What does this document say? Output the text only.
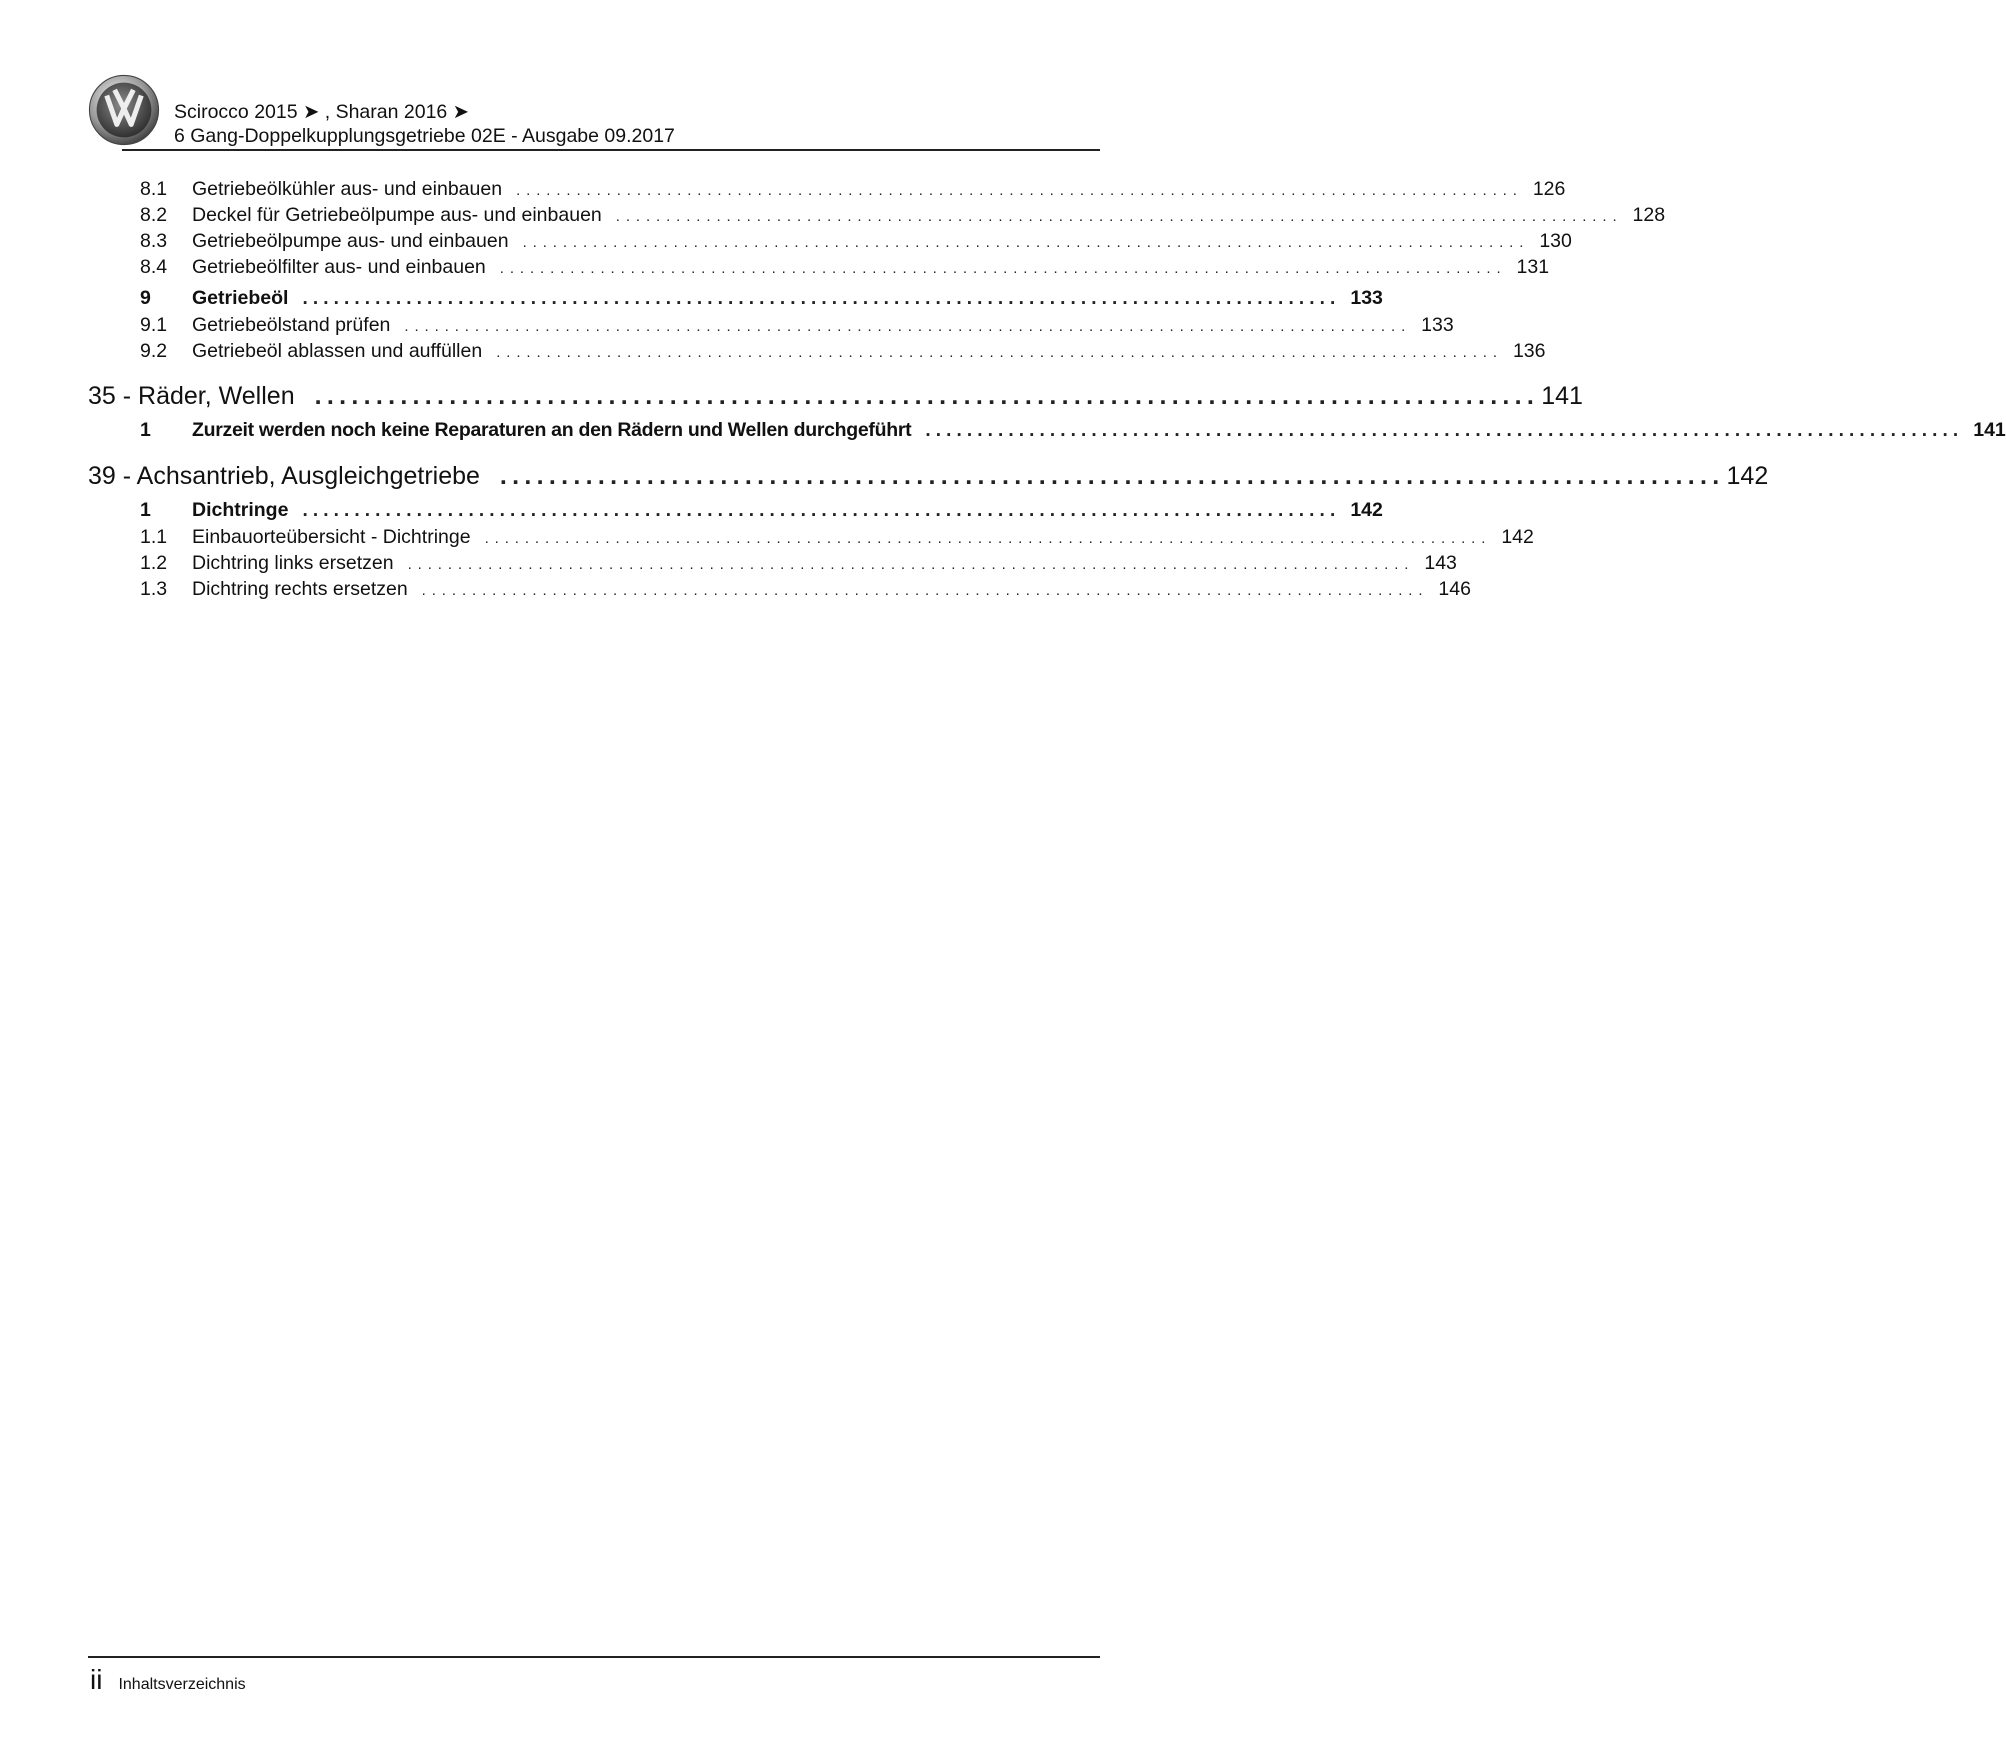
Scirocco 2015 ➤ , Sharan 2016 ➤
6 Gang-Doppelkupplungsgetriebe 02E - Ausgabe 09.2017
8.1	Getriebeölkühler aus- und einbauen .................................................................................................... 126
8.2	Deckel für Getriebeölpumpe aus- und einbauen .................................................................................................... 128
8.3	Getriebeölpumpe aus- und einbauen .................................................................................................... 130
8.4	Getriebeölfilter aus- und einbauen .................................................................................................... 131
9	Getriebeöl .................................................................................................... 133
9.1	Getriebeölstand prüfen .................................................................................................... 133
9.2	Getriebeöl ablassen und auffüllen .................................................................................................... 136
35 - Räder, Wellen .................................................................................................... 141
1	Zurzeit werden noch keine Reparaturen an den Rädern und Wellen durchgeführt .................................................................................................... 141
39 - Achsantrieb, Ausgleichgetriebe .................................................................................................... 142
1	Dichtringe .................................................................................................... 142
1.1	Einbauorteübersicht - Dichtringe .................................................................................................... 142
1.2	Dichtring links ersetzen .................................................................................................... 143
1.3	Dichtring rechts ersetzen .................................................................................................... 146
ii Inhaltsverzeichnis
